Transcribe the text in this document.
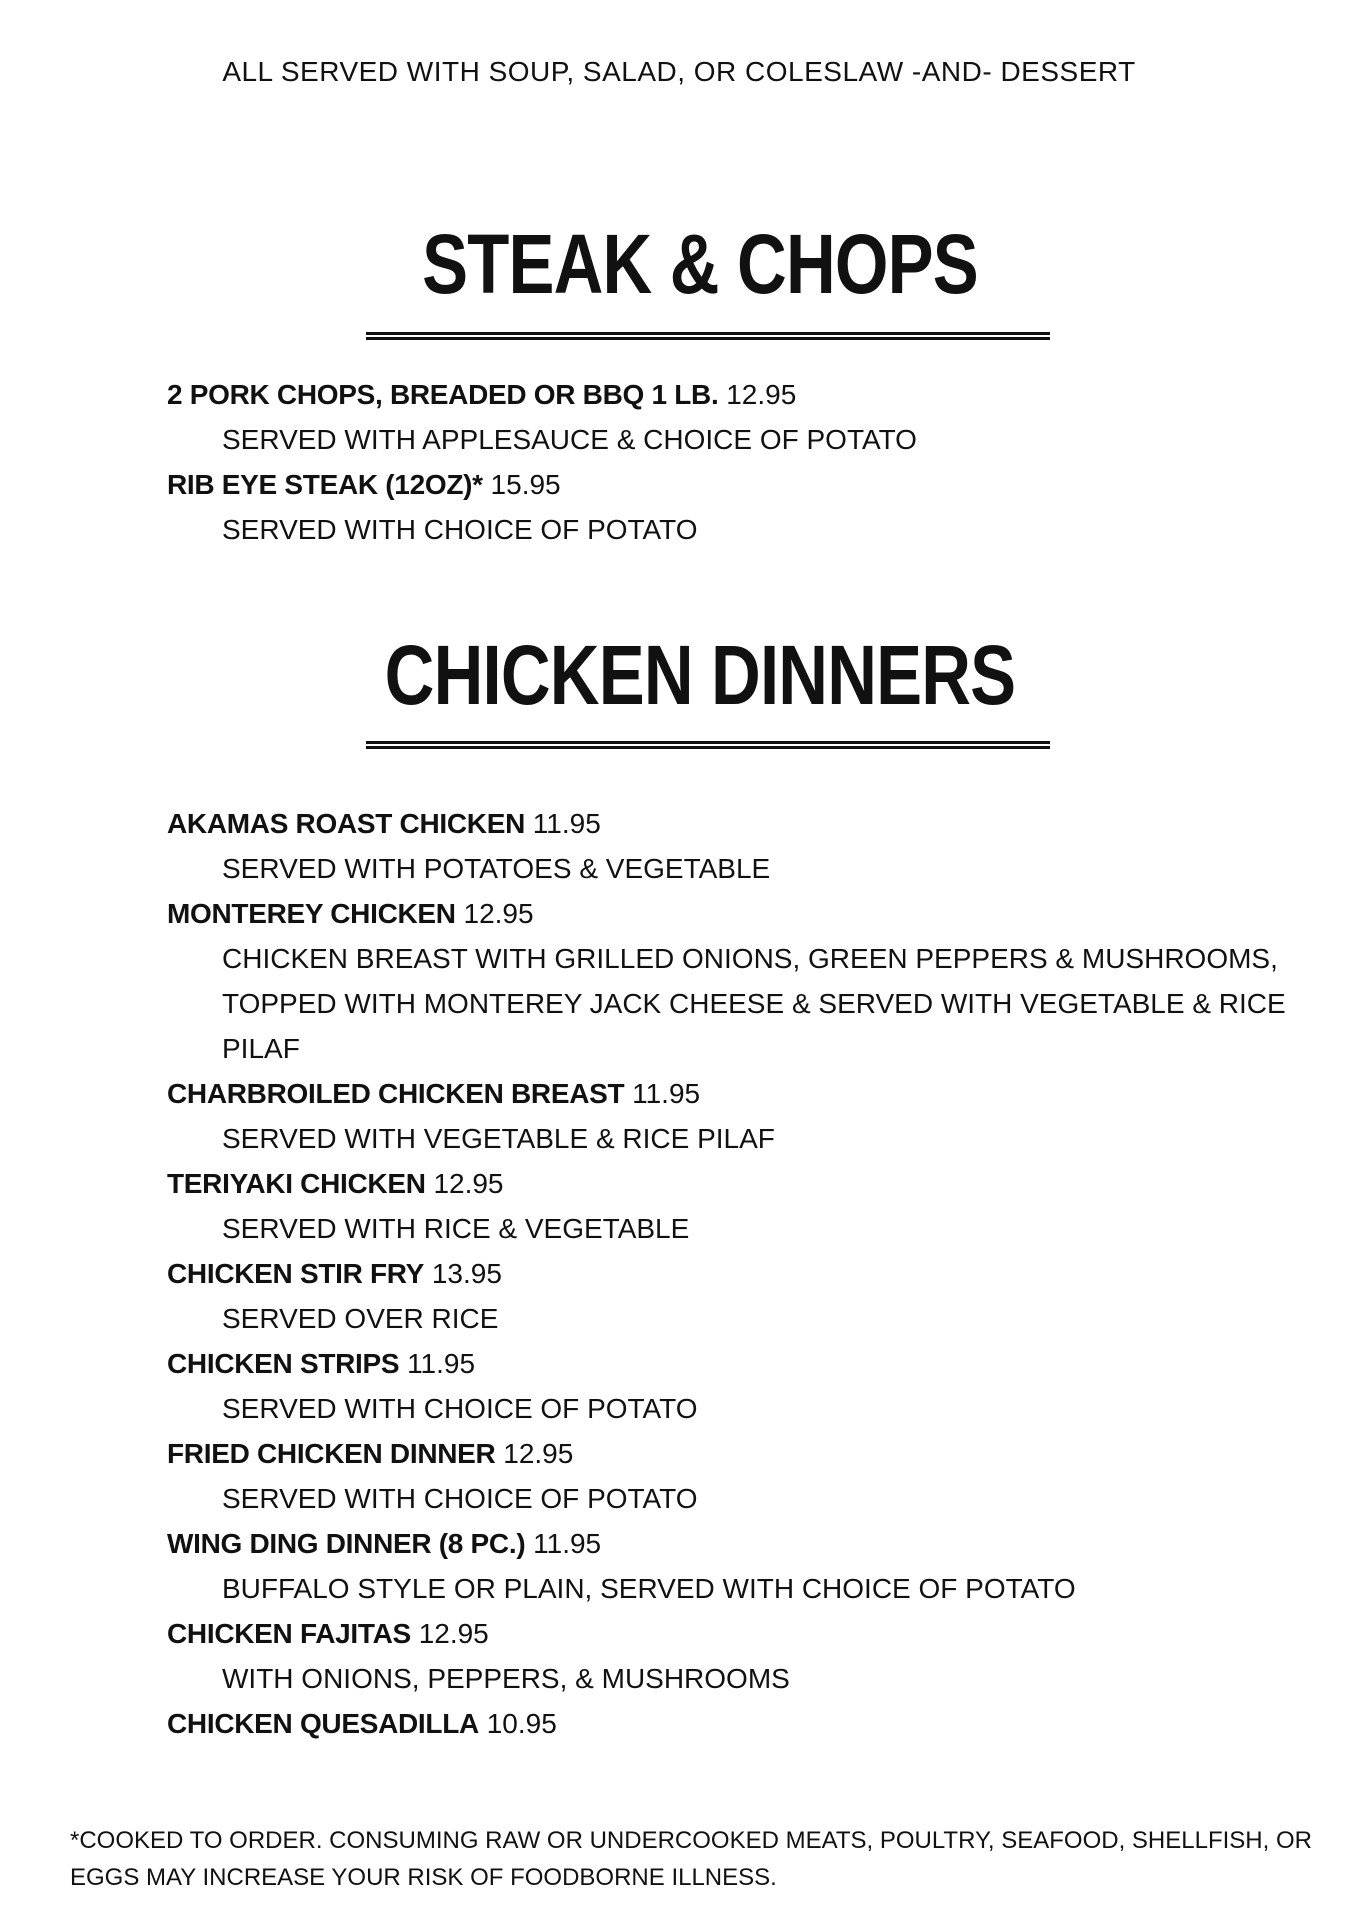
ALL SERVED WITH SOUP, SALAD, OR COLESLAW -AND- DESSERT
STEAK & CHOPS
2 PORK CHOPS, BREADED OR BBQ 1 LB. 12.95

SERVED WITH APPLESAUCE & CHOICE OF POTATO

RIB EYE STEAK (12OZ)* 15.95

SERVED WITH CHOICE OF POTATO

CHICKEN DINNERS
AKAMAS ROAST CHICKEN 11.95

SERVED WITH POTATOES & VEGETABLE

MONTEREY CHICKEN 12.95

CHICKEN BREAST WITH GRILLED ONIONS, GREEN PEPPERS & MUSHROOMS, TOPPED WITH MONTEREY JACK CHEESE & SERVED WITH VEGETABLE & RICE PILAF

CHARBROILED CHICKEN BREAST 11.95

SERVED WITH VEGETABLE & RICE PILAF

TERIYAKI CHICKEN 12.95

SERVED WITH RICE & VEGETABLE

CHICKEN STIR FRY 13.95

SERVED OVER RICE

CHICKEN STRIPS 11.95

SERVED WITH CHOICE OF POTATO

FRIED CHICKEN DINNER 12.95

SERVED WITH CHOICE OF POTATO

WING DING DINNER (8 PC.) 11.95

BUFFALO STYLE OR PLAIN, SERVED WITH CHOICE OF POTATO

CHICKEN FAJITAS 12.95

WITH ONIONS, PEPPERS, & MUSHROOMS

CHICKEN QUESADILLA 10.95
*COOKED TO ORDER. CONSUMING RAW OR UNDERCOOKED MEATS, POULTRY, SEAFOOD, SHELLFISH, OR EGGS MAY INCREASE YOUR RISK OF FOODBORNE ILLNESS.
